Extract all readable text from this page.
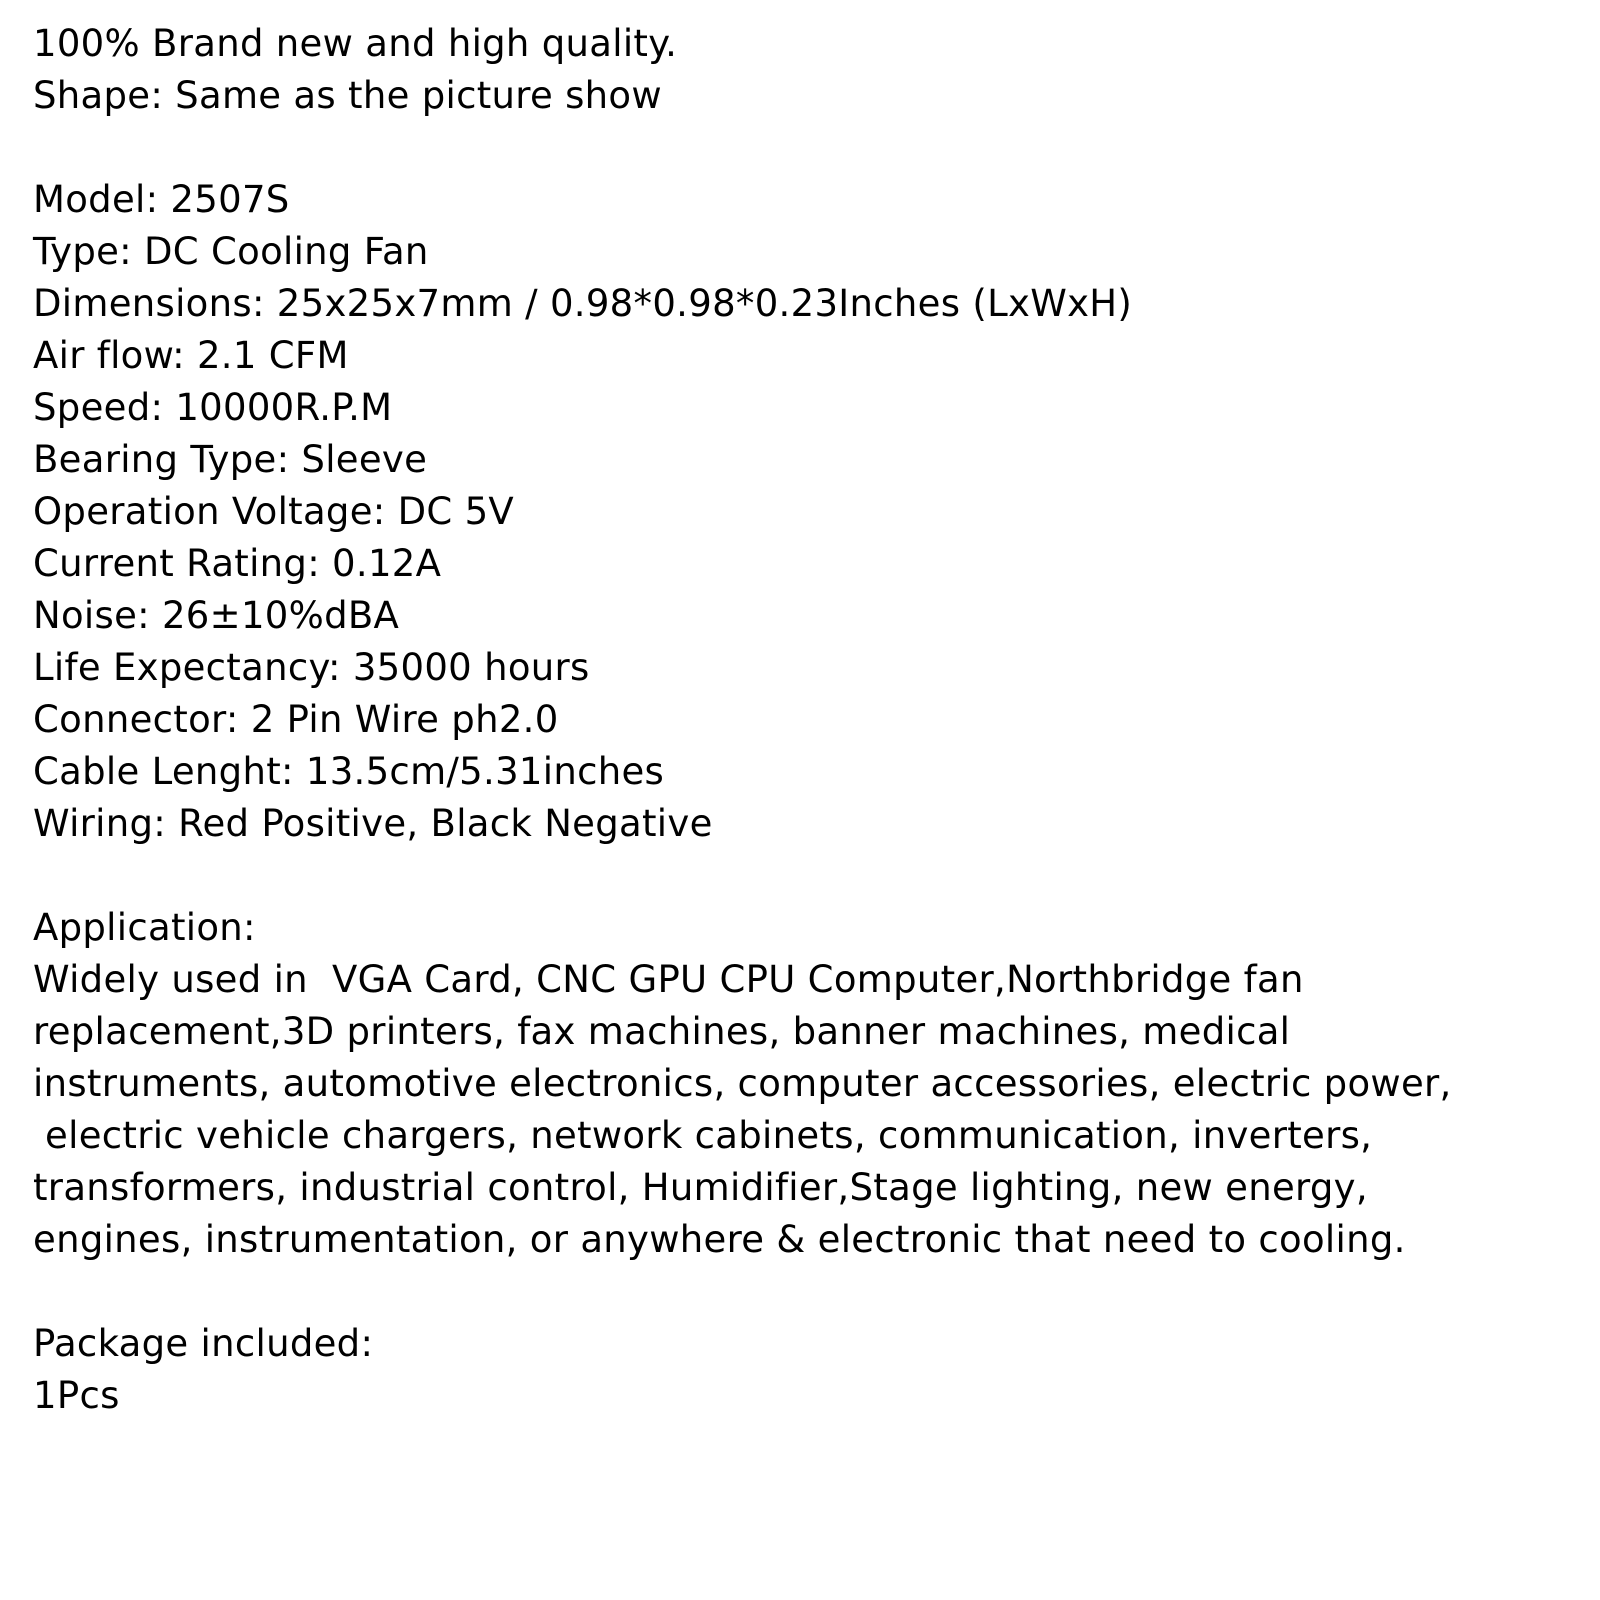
100% Brand new and high quality.
Shape: Same as the picture show
Model: 2507S
Type: DC Cooling Fan
Dimensions: 25x25x7mm / 0.98*0.98*0.23Inches (LxWxH)
Air flow: 2.1 CFM
Speed: 10000R.P.M
Bearing Type: Sleeve
Operation Voltage: DC 5V
Current Rating: 0.12A
Noise: 26±10%dBA
Life Expectancy: 35000 hours
Connector: 2 Pin Wire ph2.0
Cable Lenght: 13.5cm/5.31inches
Wiring: Red Positive, Black Negative
Application:
Widely used in  VGA Card, CNC GPU CPU Computer,Northbridge fan
replacement,3D printers, fax machines, banner machines, medical
instruments, automotive electronics, computer accessories, electric power,
electric vehicle chargers, network cabinets, communication, inverters,
transformers, industrial control, Humidifier,Stage lighting, new energy,
engines, instrumentation, or anywhere & electronic that need to cooling.
Package included:
1Pcs
